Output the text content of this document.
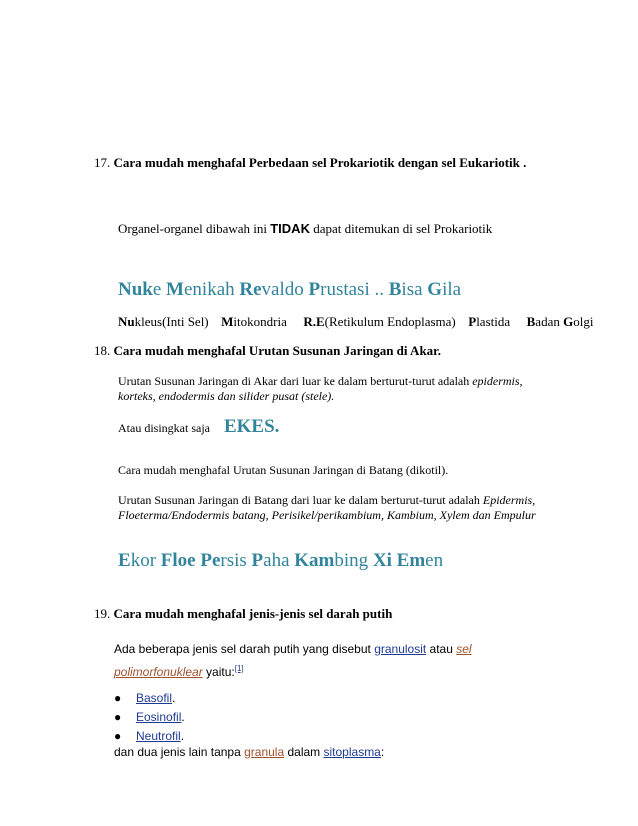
17. Cara mudah menghafal Perbedaan sel Prokariotik dengan sel Eukariotik .
Organel-organel dibawah ini TIDAK dapat ditemukan di sel Prokariotik
Nuke Menikah Revaldo Prustasi .. Bisa Gila
Nukleus(Inti Sel) Mitokondria R.E(Retikulum Endoplasma) Plastida Badan Golgi
18. Cara mudah menghafal Urutan Susunan Jaringan di Akar.
Urutan Susunan Jaringan di Akar dari luar ke dalam berturut-turut adalah epidermis,
korteks, endodermis dan silider pusat (stele).
Atau disingkat saja EKES.
Cara mudah menghafal Urutan Susunan Jaringan di Batang (dikotil).
Urutan Susunan Jaringan di Batang dari luar ke dalam berturut-turut adalah Epidermis,
Floeterma/Endodermis batang, Perisikel/perikambium, Kambium, Xylem dan Empulur
Ekor Floe Persis Paha Kambing Xi Emen
19. Cara mudah menghafal jenis-jenis sel darah putih
Ada beberapa jenis sel darah putih yang disebut granulosit atau sel
polimorfonuklear yaitu:[1]
● Basofil.
● Eosinofil.
● Neutrofil.
dan dua jenis lain tanpa granula dalam sitoplasma:
